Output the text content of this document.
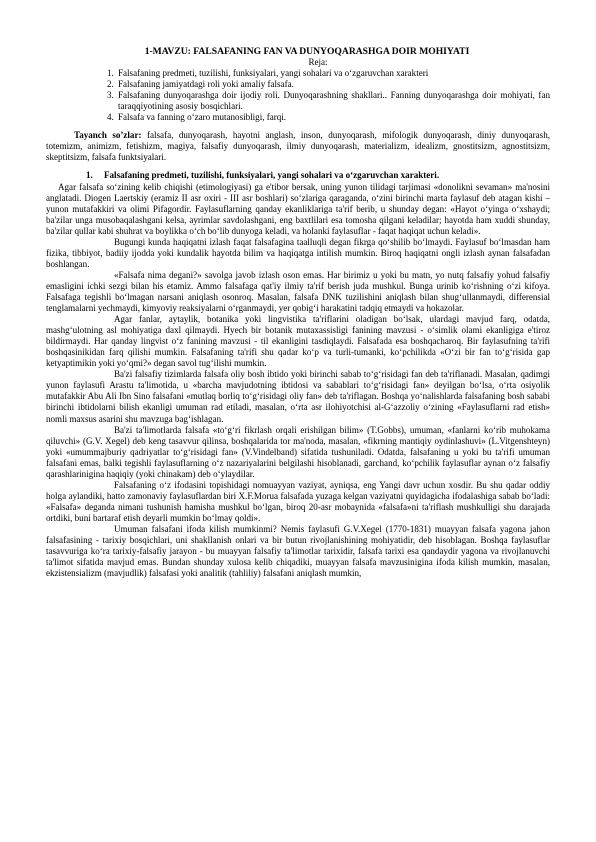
1-MAVZU: FALSAFANING FAN VA DUNYOQARASHGA DOIR MOHIYATI
Reja:
1. Falsafaning predmeti, tuzilishi, funksiyalari, yangi sohalari va o‘zgaruvchan xarakteri
2. Falsafaning jamiyatdagi roli yoki amaliy falsafa.
3. Falsafaning dunyoqarashga doir ijodiy roli. Dunyoqarashning shakllari.. Fanning dunyoqarashga doir mohiyati, fan taraqqiyotining asosiy bosqichlari.
4. Falsafa va fanning o‘zaro mutanosibligi, farqi.

Tayanch so’zlar: falsafa, dunyoqarash, hayotni anglash, inson, dunyoqarash, mifologik dunyoqarash, diniy dunyoqarash, totemizm, animizm, fetishizm, magiya, falsafiy dunyoqarash, ilmiy dunyoqarash, materializm, idealizm, gnostitsizm, agnostitsizm, skeptitsizm, falsafa funktsiyalari.

1. Falsafaning predmeti, tuzilishi, funksiyalari, yangi sohalari va o‘zgaruvchan xarakteri.

Agar falsafa so‘zining kelib chiqishi (etimologiyasi) ga e'tibor bersak, uning yunon tilidagi tarjimasi «donolikni sevaman» ma'nosini anglatadi. Diogen Laertskiy (eramiz II asr oxiri - III asr boshlari) so‘zlariga qaraganda, o‘zini birinchi marta faylasuf deb atagan kishi – yunon mutafakkiri va olimi Pifagordir. Faylasuflarning qanday ekanliklariga ta'rif berib, u shunday degan: «Hayot o‘yinga o‘xshaydi; ba'zilar unga musobaqalashgani kelsa, ayrimlar savdolashgani, eng baxtlilari esa tomosha qilgani keladilar; hayotda ham xuddi shunday, ba'zilar qullar kabi shuhrat va boylikka o‘ch bo‘lib dunyoga keladi, va holanki faylasuflar - faqat haqiqat uchun keladi».

Bugungi kunda haqiqatni izlash faqat falsafagina taalluqli degan fikrga qo‘shilib bo‘lmaydi. Faylasuf bo‘lmasdan ham fizika, tibbiyot, badiiy ijodda yoki kundalik hayotda bilim va haqiqatga intilish mumkin. Biroq haqiqatni ongli izlash aynan falsafadan boshlangan.

«Falsafa nima degani?» savolga javob izlash oson emas. Har birimiz u yoki bu matn, yo nutq falsafiy yohud falsafiy emasligini ichki sezgi bilan his etamiz. Ammo falsafaga qat'iy ilmiy ta'rif berish juda mushkul. Bunga urinib ko‘rishning o‘zi kifoya. Falsafaga tegishli bo‘lmagan narsani aniqlash osonroq. Masalan, falsafa DNK tuzilishini aniqlash bilan shug‘ullanmaydi, differensial tenglamalarni yechmaydi, kimyoviy reaksiyalarni o‘rganmaydi, yer qobig‘i harakatini tadqiq etmaydi va hokazolar.

Agar fanlar, aytaylik, botanika yoki lingvistika ta'riflarini oladigan bo‘lsak, ulardagi mavjud farq, odatda, mashg‘ulotning asl mohiyatiga daxl qilmaydi. Hyech bir botanik mutaxassisligi fanining mavzusi - o‘simlik olami ekanligiga e'tiroz bildirmaydi. Har qanday lingvist o‘z fanining mavzusi - til ekanligini tasdiqlaydi. Falsafada esa boshqacharoq. Bir faylasufning ta'rifi boshqasinikidan farq qilishi mumkin. Falsafaning ta'rifi shu qadar ko‘p va turli-tumanki, ko‘pchilikda «O‘zi bir fan to‘g‘risida gap ketyaptimikin yoki yo‘qmi?» degan savol tug‘ilishi mumkin.

Ba'zi falsafiy tizimlarda falsafa oliy bosh ibtido yoki birinchi sabab to‘g‘risidagi fan deb ta'riflanadi. Masalan, qadimgi yunon faylasufi Arastu ta'limotida, u «barcha mavjudotning ibtidosi va sabablari to‘g‘risidagi fan» deyilgan bo‘lsa, o‘rta osiyolik mutafakkir Abu Ali Ibn Sino falsafani «mutlaq borliq to‘g‘risidagi oliy fan» deb ta'riflagan. Boshqa yo‘nalishlarda falsafaning bosh sababi birinchi ibtidolarni bilish ekanligi umuman rad etiladi, masalan, o‘rta asr ilohiyotchisi al-G‘azzoliy o‘zining «Faylasuflarni rad etish» nomli maxsus asarini shu mavzuga bag‘ishlagan.

Ba'zi ta'limotlarda falsafa «to‘g‘ri fikrlash orqali erishilgan bilim» (T.Gobbs), umuman, «fanlarni ko‘rib muhokama qiluvchi» (G.V. Xegel) deb keng tasavvur qilinsa, boshqalarida tor ma'noda, masalan, «fikrning mantiqiy oydinlashuvi» (L.Vitgenshteyn) yoki «umummajburiy qadriyatlar to‘g‘risidagi fan» (V.Vindelband) sifatida tushuniladi. Odatda, falsafaning u yoki bu ta'rifi umuman falsafani emas, balki tegishli faylasuflarning o‘z nazariyalarini belgilashi hisoblanadi, garchand, ko‘pchilik faylasuflar aynan o‘z falsafiy qarashlarinigina haqiqiy (yoki chinakam) deb o‘ylaydilar.

Falsafaning o‘z ifodasini topishidagi nomuayyan vaziyat, ayniqsa, eng Yangi davr uchun xosdir. Bu shu qadar oddiy holga aylandiki, hatto zamonaviy faylasuflardan biri X.F.Morua falsafada yuzaga kelgan vaziyatni quyidagicha ifodalashiga sabab bo‘ladi: «Falsafa» deganda nimani tushunish hamisha mushkul bo‘lgan, biroq 20-asr mobaynida «falsafa»ni ta'riflash mushkulligi shu darajada ortdiki, buni bartaraf etish deyarli mumkin bo‘lmay qoldi».

Umuman falsafani ifoda kilish mumkinmi? Nemis faylasufi G.V.Xegel (1770-1831) muayyan falsafa yagona jahon falsafasining - tarixiy bosqichlari, uni shakllanish onlari va bir butun rivojlanishining mohiyatidir, deb hisoblagan. Boshqa faylasuflar tasavvuriga ko‘ra tarixiy-falsafiy jarayon - bu muayyan falsafiy ta'limotlar tarixidir, falsafa tarixi esa qandaydir yagona va rivojlanuvchi ta'limot sifatida mavjud emas. Bundan shunday xulosa kelib chiqadiki, muayyan falsafa mavzusinigina ifoda kilish mumkin, masalan, ekzistensializm (mavjudlik) falsafasi yoki analitik (tahliliy) falsafani aniqlash mumkin,
